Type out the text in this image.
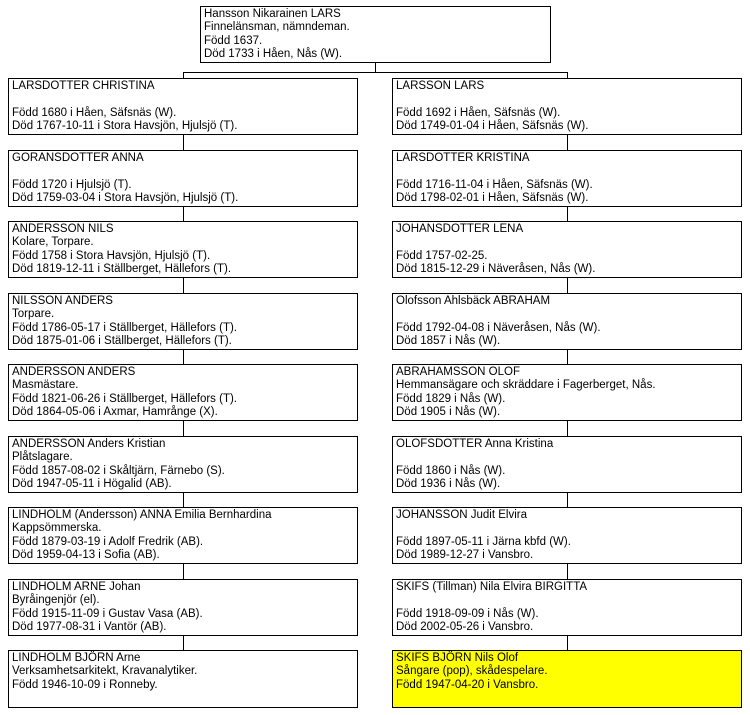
Hansson Nikarainen LARS
Finnelänsman, nämndeman.
Född 1637.
Död 1733 i Håen, Nås (W).
LARSDOTTER CHRISTINA
Född 1680 i Håen, Säfsnäs (W).
Död 1767-10-11 i Stora Havsjön, Hjulsjö (T).
GORANSDOTTER ANNA
Född 1720 i Hjulsjö (T).
Död 1759-03-04 i Stora Havsjön, Hjulsjö (T).
ANDERSSON NILS
Kolare, Torpare.
Född 1758 i Stora Havsjön, Hjulsjö (T).
Död 1819-12-11 i Ställberget, Hällefors (T).
NILSSON ANDERS
Torpare.
Född 1786-05-17 i Ställberget, Hällefors (T).
Död 1875-01-06 i Ställberget, Hällefors (T).
ANDERSSON ANDERS
Masmästare.
Född 1821-06-26 i Ställberget, Hällefors (T).
Död 1864-05-06 i Axmar, Hamrånge (X).
ANDERSSON Anders Kristian
Plåtslagare.
Född 1857-08-02 i Skåltjärn, Färnebo (S).
Död 1947-05-11 i Högalid (AB).
LINDHOLM (Andersson) ANNA Emilia Bernhardina
Kappsömmerska.
Född 1879-03-19 i Adolf Fredrik (AB).
Död 1959-04-13 i Sofia (AB).
LINDHOLM ARNE Johan
Byråingenjör (el).
Född 1915-11-09 i Gustav Vasa (AB).
Död 1977-08-31 i Vantör (AB).
LINDHOLM BJÖRN Arne
Verksamhetsarkitekt, Kravanalytiker.
Född 1946-10-09 i Ronneby.
LARSSON LARS
Född 1692 i Håen, Säfsnäs (W).
Död 1749-01-04 i Håen, Säfsnäs (W).
LARSDOTTER KRISTINA
Född 1716-11-04 i Håen, Säfsnäs (W).
Död 1798-02-01 i Håen, Säfsnäs (W).
JOHANSDOTTER LENA
Född 1757-02-25.
Död 1815-12-29 i Näveråsen, Nås (W).
Olofsson Ahlsbäck ABRAHAM
Född 1792-04-08 i Näveråsen, Nås (W).
Död 1857 i Nås (W).
ABRAHAMSSON OLOF
Hemmansägare och skräddare i Fagerberget, Nås.
Född 1829 i Nås (W).
Död 1905 i Nås (W).
OLOFSDOTTER Anna Kristina
Född 1860 i Nås (W).
Död 1936 i Nås (W).
JOHANSSON Judit Elvira
Född 1897-05-11 i Järna kbfd (W).
Död 1989-12-27 i Vansbro.
SKIFS (Tillman) Nila Elvira BIRGITTA
Född 1918-09-09 i Nås (W).
Död 2002-05-26 i Vansbro.
SKIFS BJÖRN Nils Olof
Sångare (pop), skådespelare.
Född 1947-04-20 i Vansbro.
